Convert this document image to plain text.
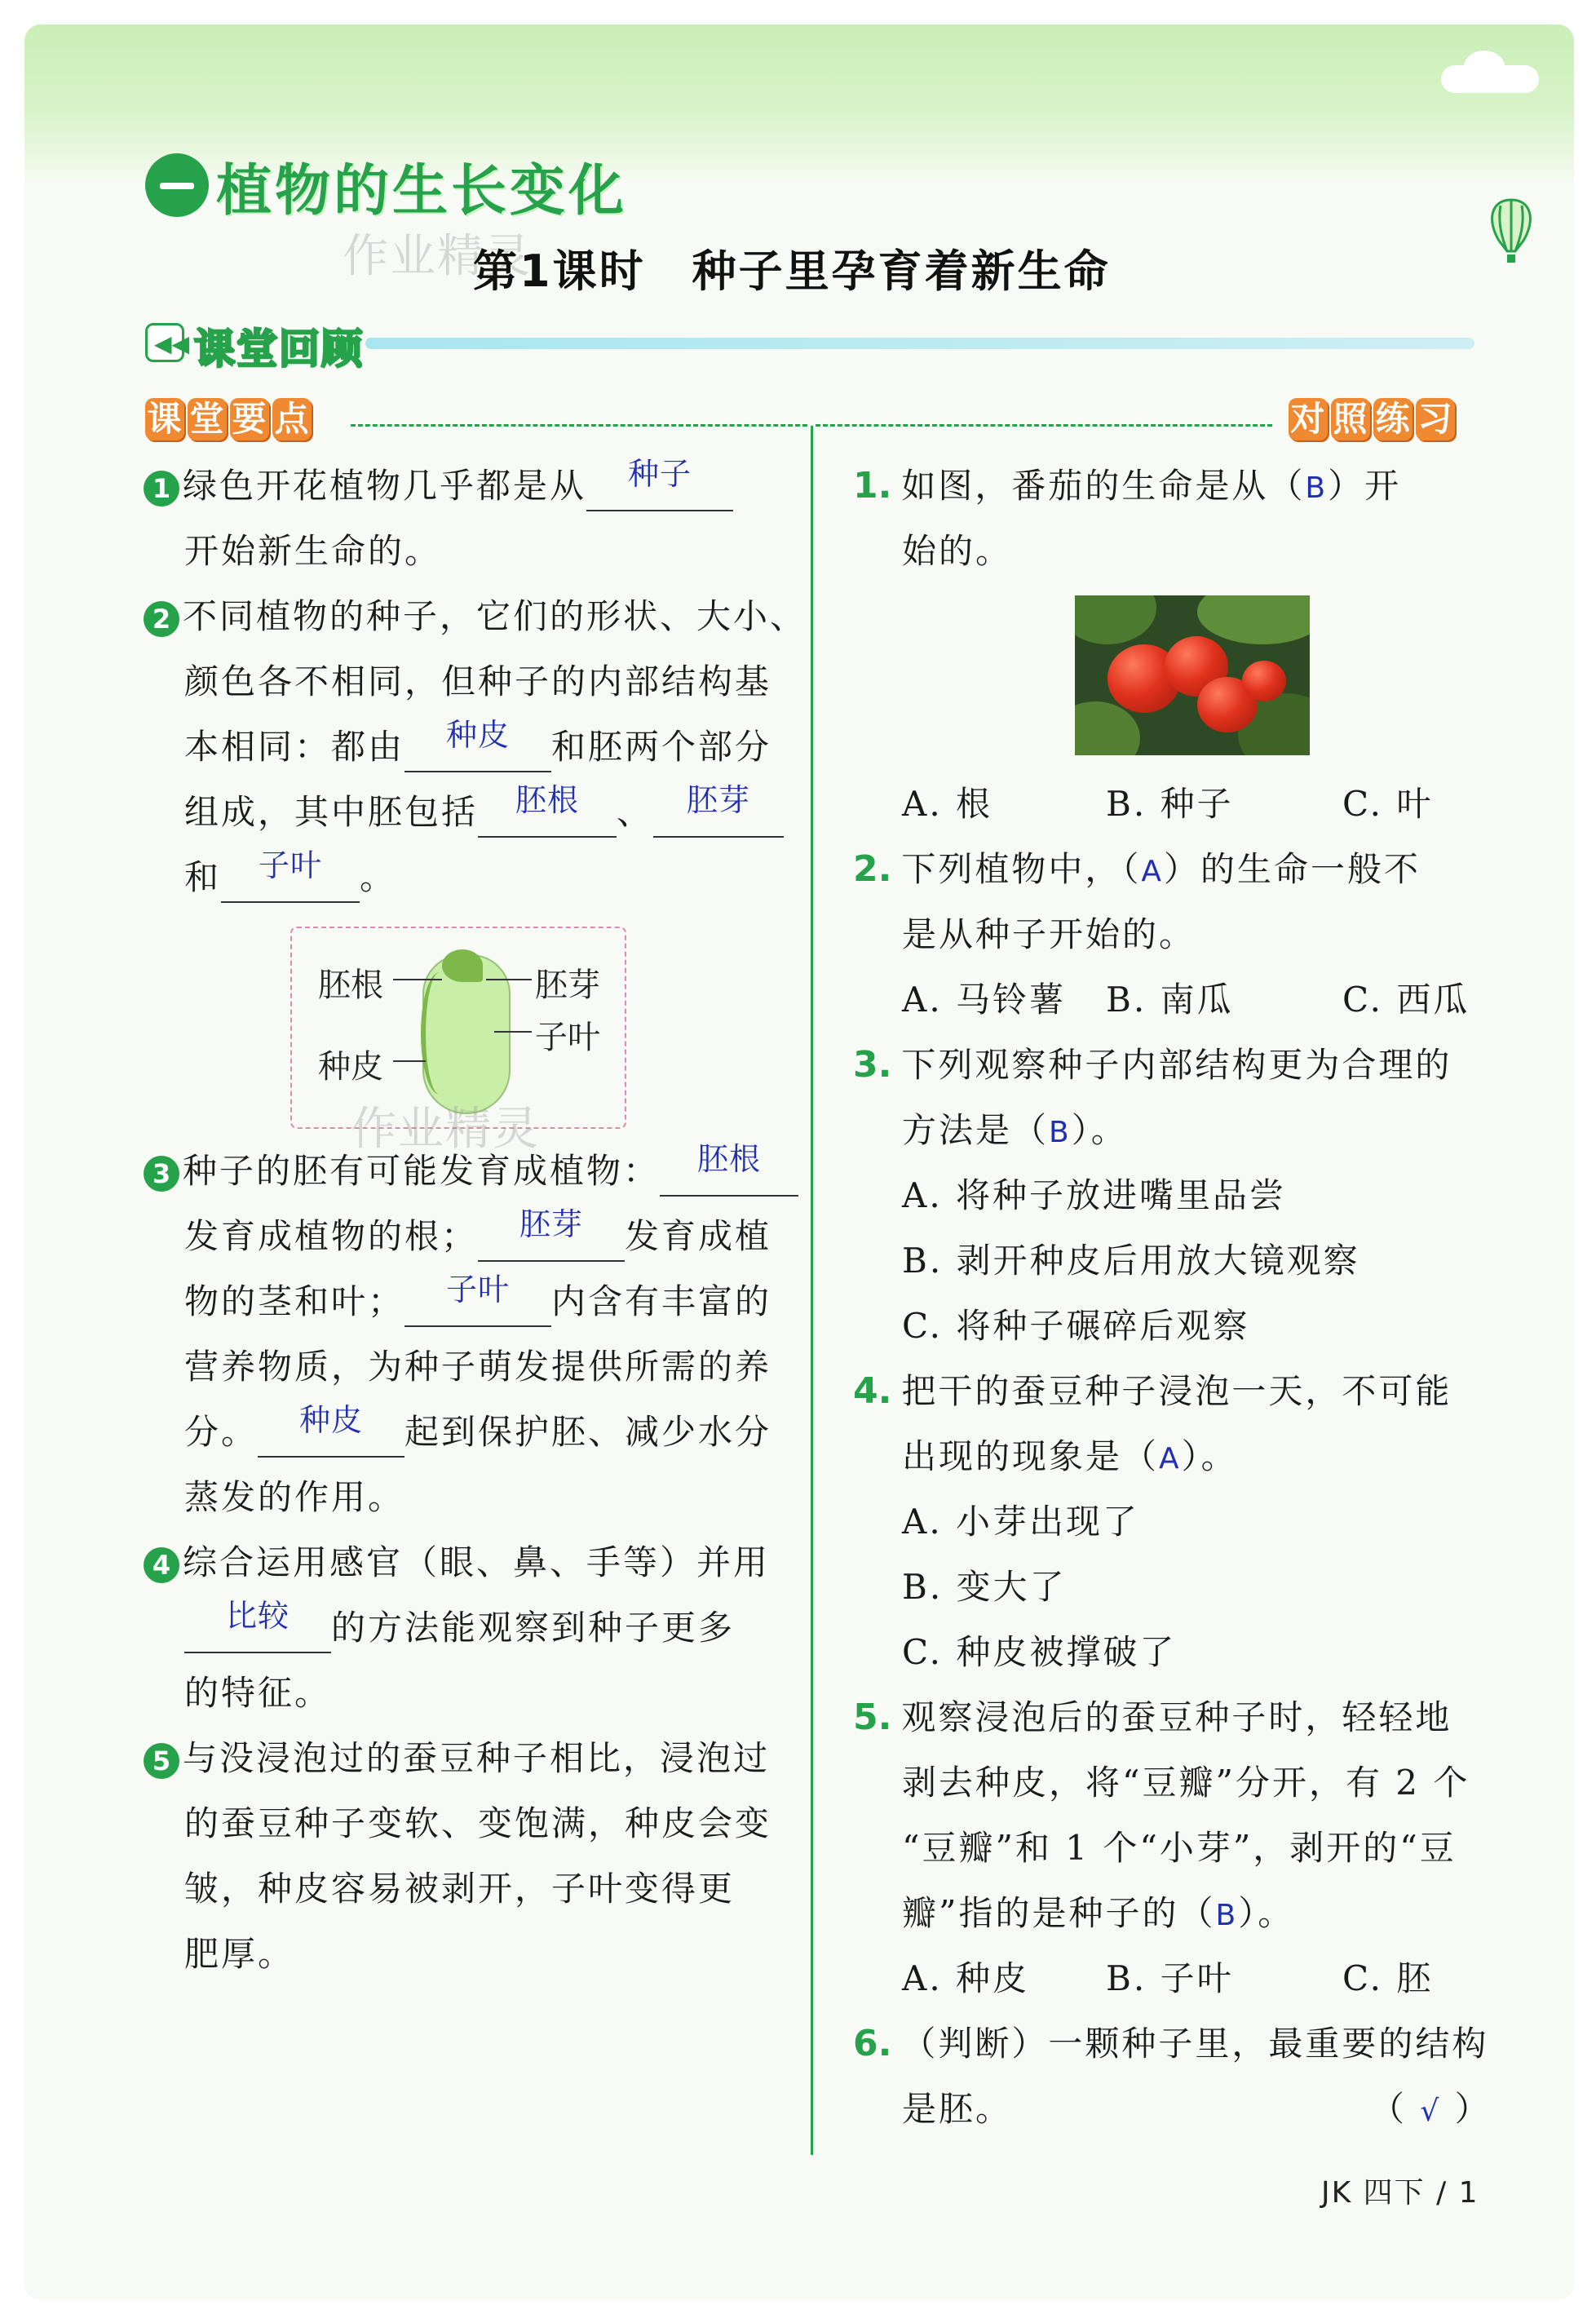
植物的生长变化
作业精灵
第1课时　种子里孕育着新生命
◀◀ 课堂回顾
课 堂 要 点	对 照 练 习
1 绿色开花植物几乎都是从 种子
开始新生命的。
2 不同植物的种子，它们的形状、大小、
颜色各不相同，但种子的内部结构基
本相同：都由 种皮 和胚两个部分
组成，其中胚包括 胚根 、 胚芽
和 子叶 。
胚根
种皮
胚芽
子叶
作业精灵
3 种子的胚有可能发育成植物： 胚根
发育成植物的根； 胚芽 发育成植
物的茎和叶； 子叶 内含有丰富的
营养物质，为种子萌发提供所需的养
分。 种皮 起到保护胚、减少水分
蒸发的作用。
4 综合运用感官（眼、鼻、手等）并用
比较 的方法能观察到种子更多
的特征。
5 与没浸泡过的蚕豆种子相比，浸泡过
的蚕豆种子变软、变饱满，种皮会变
皱，种皮容易被剥开，子叶变得更
肥厚。
1. 如图，番茄的生命是从（B）开
始的。
A. 根	B. 种子	C. 叶
2. 下列植物中，（A）的生命一般不
是从种子开始的。
A. 马铃薯 B. 南瓜	C. 西瓜
3. 下列观察种子内部结构更为合理的
方法是（B）。
A. 将种子放进嘴里品尝
B. 剥开种皮后用放大镜观察
C. 将种子碾碎后观察
4. 把干的蚕豆种子浸泡一天，不可能
出现的现象是（A）。
A. 小芽出现了
B. 变大了
C. 种皮被撑破了
5. 观察浸泡后的蚕豆种子时，轻轻地
剥去种皮，将“豆瓣”分开，有 2 个
“豆瓣”和 1 个“小芽”，剥开的“豆
瓣”指的是种子的（B）。
A. 种皮 B. 子叶	C. 胚
6. （判断）一颗种子里，最重要的结构
是胚。	（ √ ）
JK 四下 / 1
